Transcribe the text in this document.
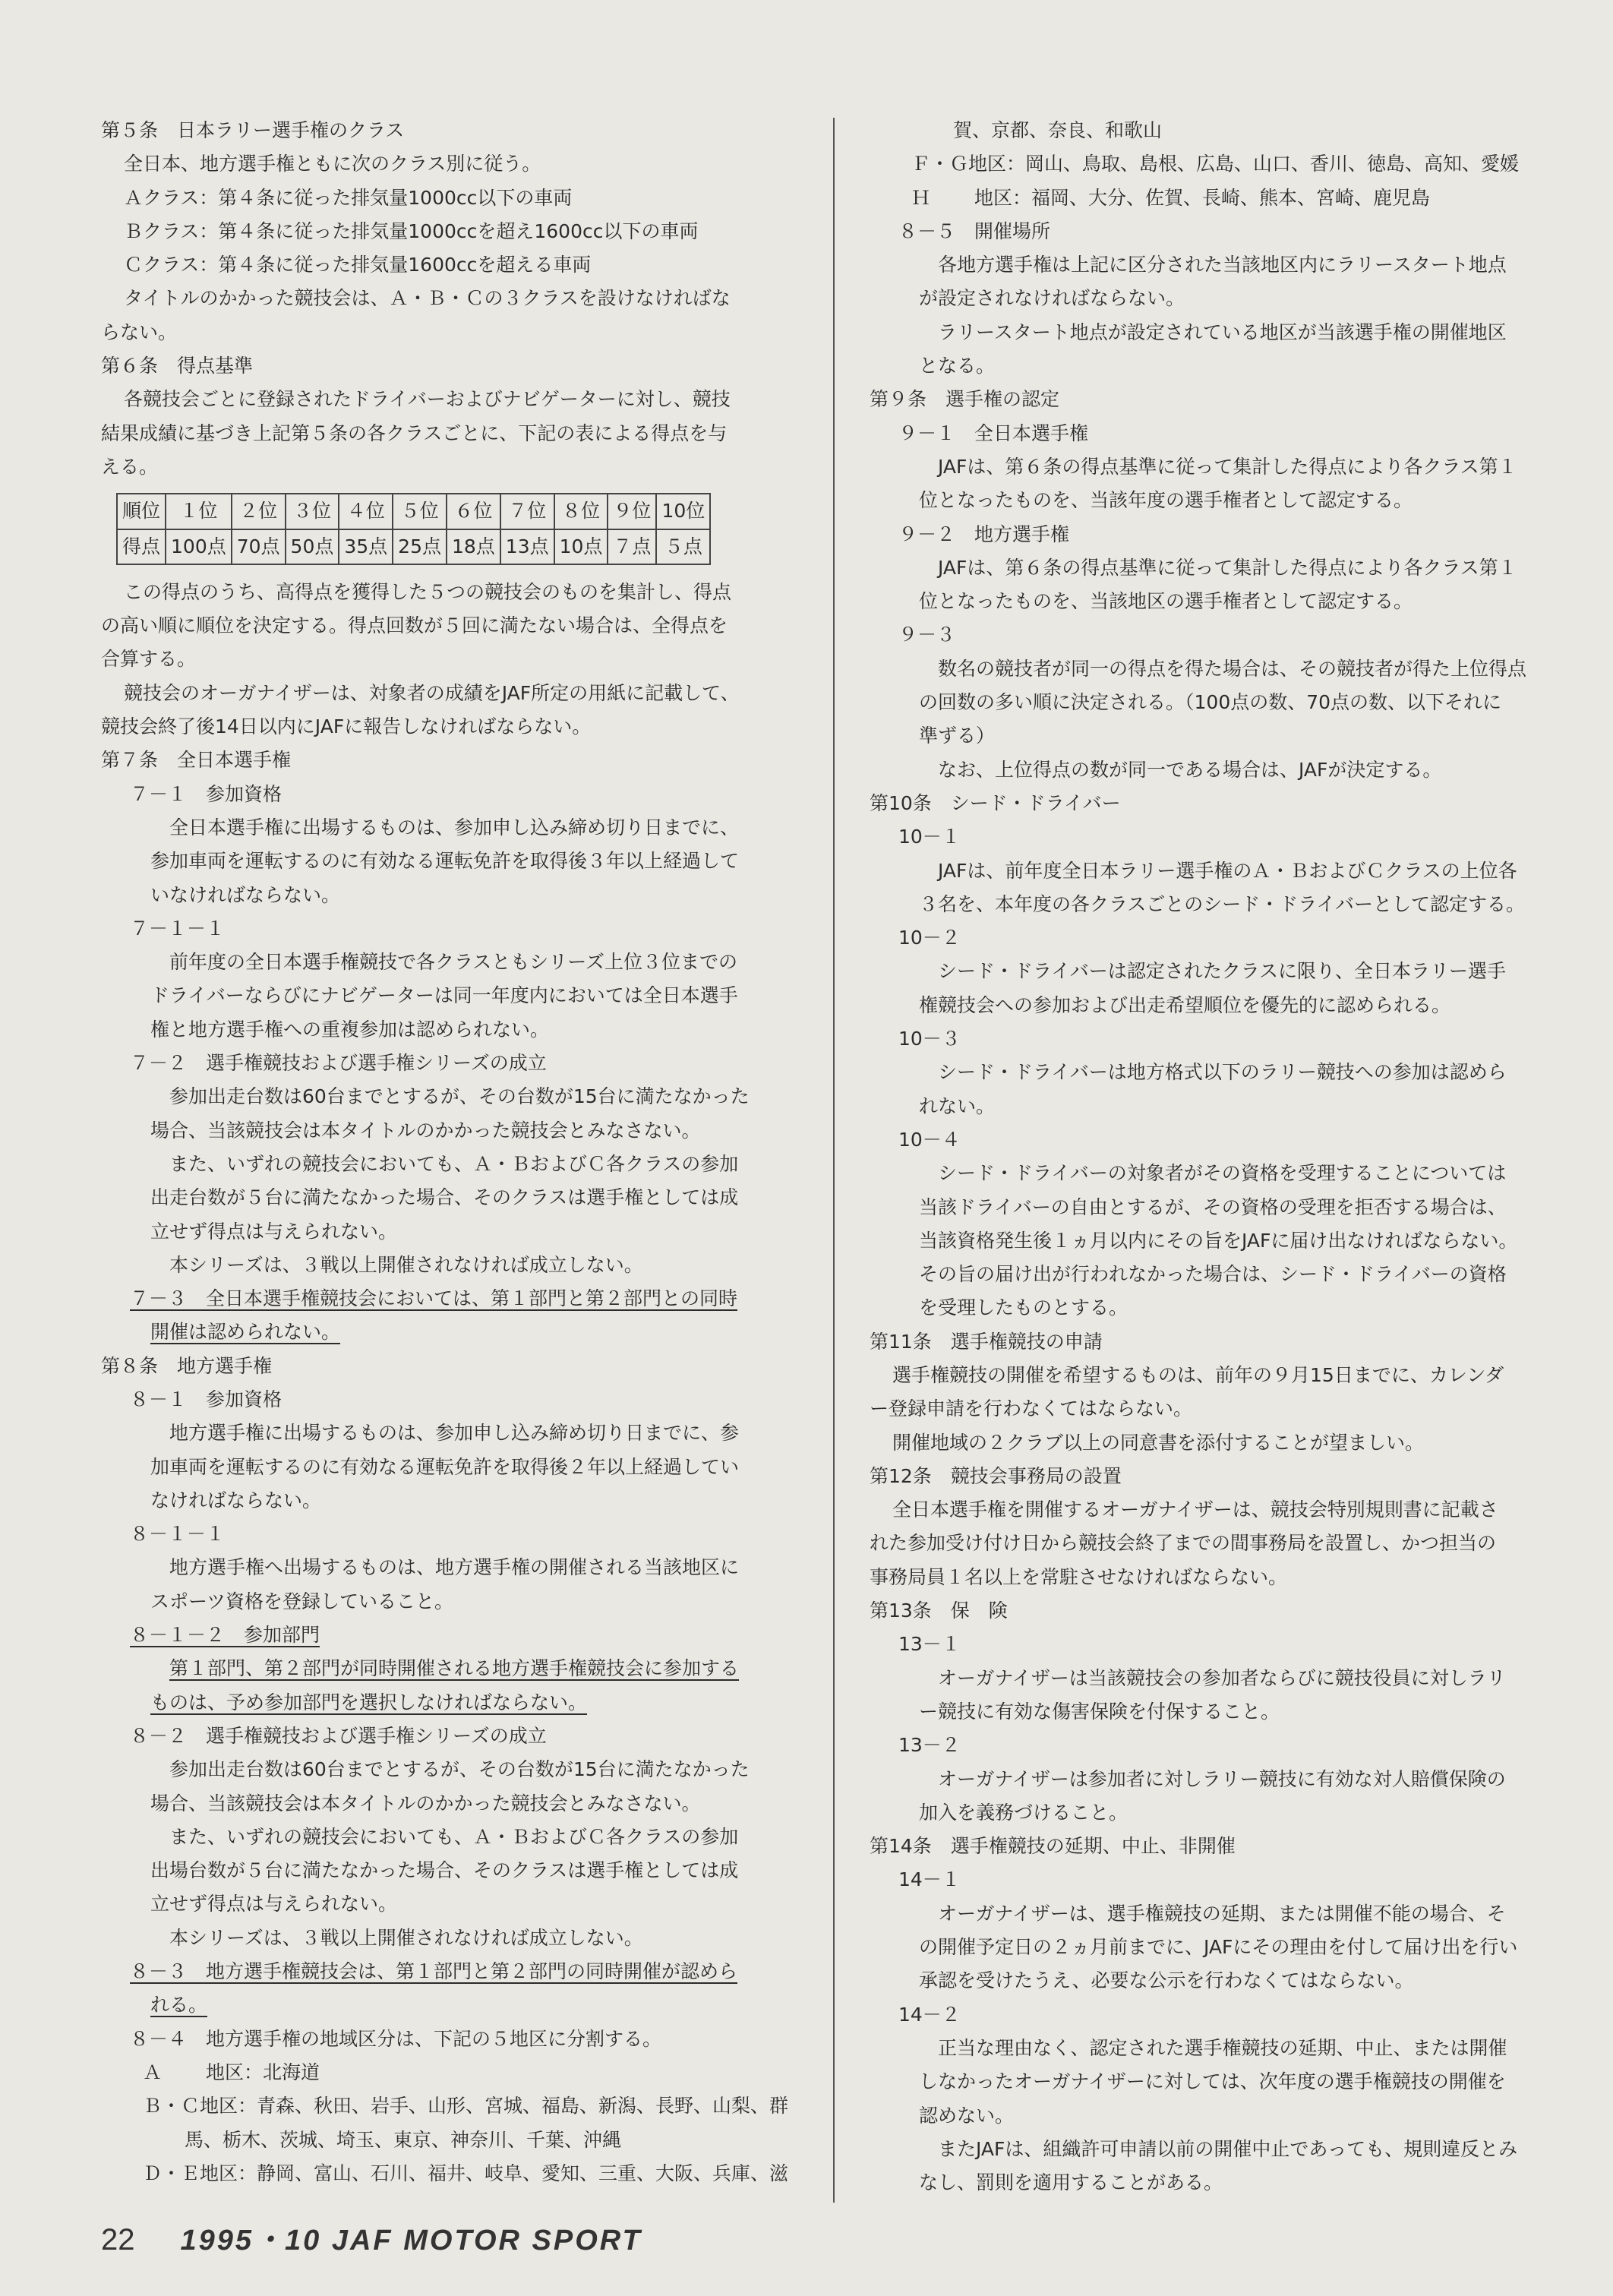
第５条　日本ラリー選手権のクラス

全日本、地方選手権ともに次のクラス別に従う。

Ａクラス：第４条に従った排気量1000cc以下の車両

Ｂクラス：第４条に従った排気量1000ccを超え1600cc以下の車両

Ｃクラス：第４条に従った排気量1600ccを超える車両

タイトルのかかった競技会は、Ａ・Ｂ・Ｃの３クラスを設けなければな

らない。

第６条　得点基準

各競技会ごとに登録されたドライバーおよびナビゲーターに対し、競技

結果成績に基づき上記第５条の各クラスごとに、下記の表による得点を与

える。

順位	１位	２位	３位	４位	５位	６位	７位	８位	９位	10位
得点	100点	70点	50点	35点	25点	18点	13点	10点	７点	５点

この得点のうち、高得点を獲得した５つの競技会のものを集計し、得点

の高い順に順位を決定する。得点回数が５回に満たない場合は、全得点を

合算する。

競技会のオーガナイザーは、対象者の成績をJAF所定の用紙に記載して、

競技会終了後14日以内にJAFに報告しなければならない。

第７条　全日本選手権

７－１　参加資格

全日本選手権に出場するものは、参加申し込み締め切り日までに、

参加車両を運転するのに有効なる運転免許を取得後３年以上経過して

いなければならない。

７－１－１

前年度の全日本選手権競技で各クラスともシリーズ上位３位までの

ドライバーならびにナビゲーターは同一年度内においては全日本選手

権と地方選手権への重複参加は認められない。

７－２　選手権競技および選手権シリーズの成立

参加出走台数は60台までとするが、その台数が15台に満たなかった

場合、当該競技会は本タイトルのかかった競技会とみなさない。

また、いずれの競技会においても、Ａ・ＢおよびＣ各クラスの参加

出走台数が５台に満たなかった場合、そのクラスは選手権としては成

立せず得点は与えられない。

本シリーズは、３戦以上開催されなければ成立しない。

７－３　全日本選手権競技会においては、第１部門と第２部門との同時

開催は認められない。

第８条　地方選手権

８－１　参加資格

地方選手権に出場するものは、参加申し込み締め切り日までに、参

加車両を運転するのに有効なる運転免許を取得後２年以上経過してい

なければならない。

８－１－１

地方選手権へ出場するものは、地方選手権の開催される当該地区に

スポーツ資格を登録していること。

８－１－２　参加部門

第１部門、第２部門が同時開催される地方選手権競技会に参加する

ものは、予め参加部門を選択しなければならない。

８－２　選手権競技および選手権シリーズの成立

参加出走台数は60台までとするが、その台数が15台に満たなかった

場合、当該競技会は本タイトルのかかった競技会とみなさない。

また、いずれの競技会においても、Ａ・ＢおよびＣ各クラスの参加

出場台数が５台に満たなかった場合、そのクラスは選手権としては成

立せず得点は与えられない。

本シリーズは、３戦以上開催されなければ成立しない。

８－３　地方選手権競技会は、第１部門と第２部門の同時開催が認めら

れる。

８－４　地方選手権の地域区分は、下記の５地区に分割する。

Ａ　　 地区：北海道

Ｂ・Ｃ地区：青森、秋田、岩手、山形、宮城、福島、新潟、長野、山梨、群

馬、栃木、茨城、埼玉、東京、神奈川、千葉、沖縄

Ｄ・Ｅ地区：静岡、富山、石川、福井、岐阜、愛知、三重、大阪、兵庫、滋

賀、京都、奈良、和歌山

Ｆ・Ｇ地区：岡山、鳥取、島根、広島、山口、香川、徳島、高知、愛媛

Ｈ　　 地区：福岡、大分、佐賀、長崎、熊本、宮崎、鹿児島

８－５　開催場所

各地方選手権は上記に区分された当該地区内にラリースタート地点

が設定されなければならない。

ラリースタート地点が設定されている地区が当該選手権の開催地区

となる。

第９条　選手権の認定

９－１　全日本選手権

JAFは、第６条の得点基準に従って集計した得点により各クラス第１

位となったものを、当該年度の選手権者として認定する。

９－２　地方選手権

JAFは、第６条の得点基準に従って集計した得点により各クラス第１

位となったものを、当該地区の選手権者として認定する。

９－３

数名の競技者が同一の得点を得た場合は、その競技者が得た上位得点

の回数の多い順に決定される。（100点の数、70点の数、以下それに

準ずる）

なお、上位得点の数が同一である場合は、JAFが決定する。

第10条　シード・ドライバー

10－１

JAFは、前年度全日本ラリー選手権のＡ・ＢおよびＣクラスの上位各

３名を、本年度の各クラスごとのシード・ドライバーとして認定する。

10－２

シード・ドライバーは認定されたクラスに限り、全日本ラリー選手

権競技会への参加および出走希望順位を優先的に認められる。

10－３

シード・ドライバーは地方格式以下のラリー競技への参加は認めら

れない。

10－４

シード・ドライバーの対象者がその資格を受理することについては

当該ドライバーの自由とするが、その資格の受理を拒否する場合は、

当該資格発生後１ヵ月以内にその旨をJAFに届け出なければならない。

その旨の届け出が行われなかった場合は、シード・ドライバーの資格

を受理したものとする。

第11条　選手権競技の申請

選手権競技の開催を希望するものは、前年の９月15日までに、カレンダ

ー登録申請を行わなくてはならない。

開催地域の２クラブ以上の同意書を添付することが望ましい。

第12条　競技会事務局の設置

全日本選手権を開催するオーガナイザーは、競技会特別規則書に記載さ

れた参加受け付け日から競技会終了までの間事務局を設置し、かつ担当の

事務局員１名以上を常駐させなければならない。

第13条　保　険

13－１

オーガナイザーは当該競技会の参加者ならびに競技役員に対しラリ

ー競技に有効な傷害保険を付保すること。

13－２

オーガナイザーは参加者に対しラリー競技に有効な対人賠償保険の

加入を義務づけること。

第14条　選手権競技の延期、中止、非開催

14－１

オーガナイザーは、選手権競技の延期、または開催不能の場合、そ

の開催予定日の２ヵ月前までに、JAFにその理由を付して届け出を行い

承認を受けたうえ、必要な公示を行わなくてはならない。

14－２

正当な理由なく、認定された選手権競技の延期、中止、または開催

しなかったオーガナイザーに対しては、次年度の選手権競技の開催を

認めない。

またJAFは、組織許可申請以前の開催中止であっても、規則違反とみ

なし、罰則を適用することがある。

22 1995・10 JAF MOTOR SPORT
